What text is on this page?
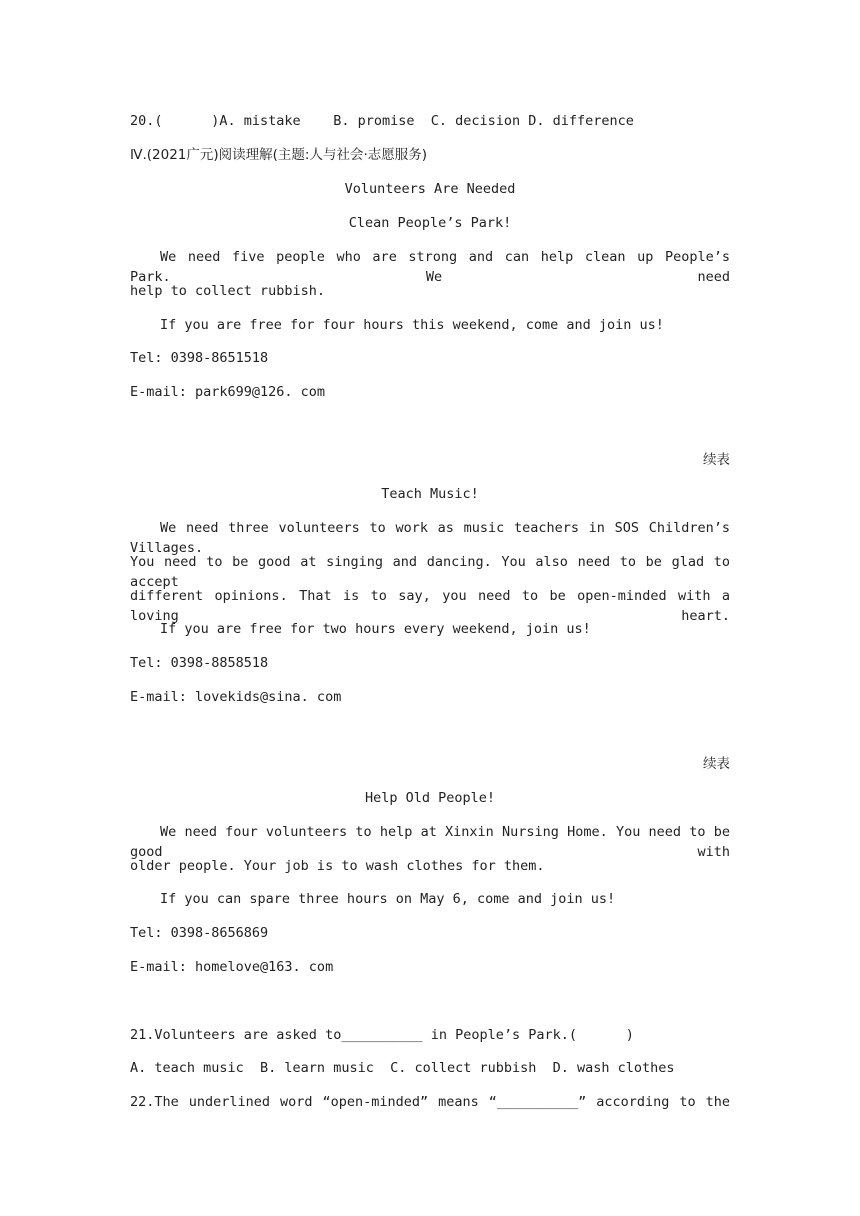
20.(      )A. mistake    B. promise  C. decision D. difference
Ⅳ.(2021广元)阅读理解(主题:人与社会·志愿服务)
Volunteers Are Needed
Clean People’s Park!
We need five people who are strong and can help clean up People’s Park. We need
help to collect rubbish.
If you are free for four hours this weekend, come and join us!
Tel: 0398-8651518
E-mail: park699@126. com
续表
Teach Music!
We need three volunteers to work as music teachers in SOS Children’s Villages.
You need to be good at singing and dancing. You also need to be glad to accept
different opinions. That is to say, you need to be open-minded with a loving heart.
If you are free for two hours every weekend, join us!
Tel: 0398-8858518
E-mail: lovekids@sina. com
续表
Help Old People!
We need four volunteers to help at Xinxin Nursing Home. You need to be good with
older people. Your job is to wash clothes for them.
If you can spare three hours on May 6, come and join us!
Tel: 0398-8656869
E-mail: homelove@163. com
21.Volunteers are asked to__________ in People’s Park.(      )
A. teach music  B. learn music  C. collect rubbish  D. wash clothes
22.The underlined word “open-minded” means “__________” according to the
